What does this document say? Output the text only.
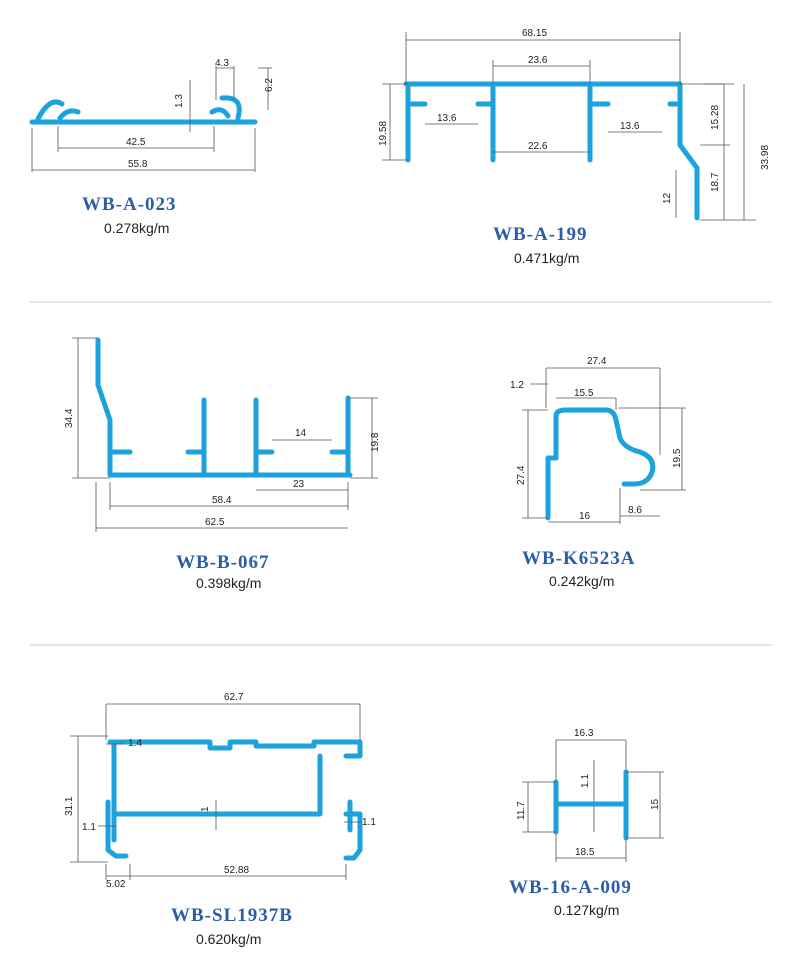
4.3
6.2
1.3
42.5
55.8
WB-A-023
0.278kg/m
68.15
23.6
19.58
13.6
13.6
22.6
15.28
33.98
18.7
12
WB-A-199
0.471kg/m
34.4
14	19.8
23
58.4
62.5
WB-B-067
0.398kg/m
27.4
1.2
15.5
19.5
27.4
16
8.6
WB-K6523A
0.242kg/m
62.7
1.4
31.1	1
1.1	1.1
5.02
52.88
WB-SL1937B
0.620kg/m
16.3
1.1
11.7	15
18.5
WB-16-A-009
0.127kg/m
